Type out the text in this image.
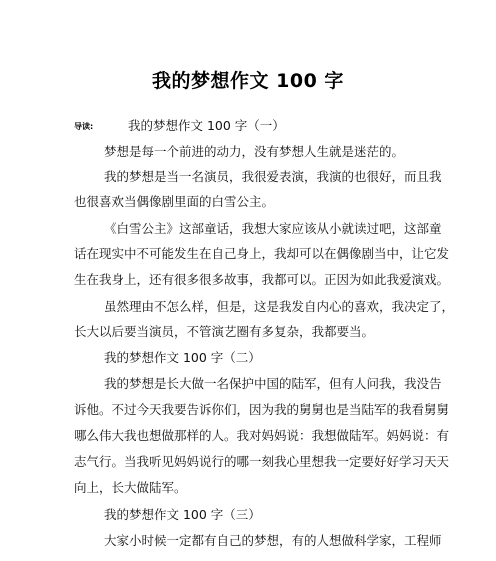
我的梦想作文 100 字
导读:	我的梦想作文 100 字（一）
梦想是每一个前进的动力，没有梦想人生就是迷茫的。
我的梦想是当一名演员，我很爱表演，我演的也很好，而且我
也很喜欢当偶像剧里面的白雪公主。
《白雪公主》这部童话，我想大家应该从小就读过吧，这部童
话在现实中不可能发生在自己身上，我却可以在偶像剧当中，让它发
生在我身上，还有很多很多故事，我都可以。正因为如此我爱演戏。
虽然理由不怎么样，但是，这是我发自内心的喜欢，我决定了，
长大以后要当演员，不管演艺圈有多复杂，我都要当。
我的梦想作文 100 字（二）
我的梦想是长大做一名保护中国的陆军，但有人问我，我没告
诉他。不过今天我要告诉你们，因为我的舅舅也是当陆军的我看舅舅
哪么伟大我也想做那样的人。我对妈妈说：我想做陆军。妈妈说：有
志气行。当我听见妈妈说行的哪一刻我心里想我一定要好好学习天天
向上，长大做陆军。
我的梦想作文 100 字（三）
大家小时候一定都有自己的梦想，有的人想做科学家，工程师
